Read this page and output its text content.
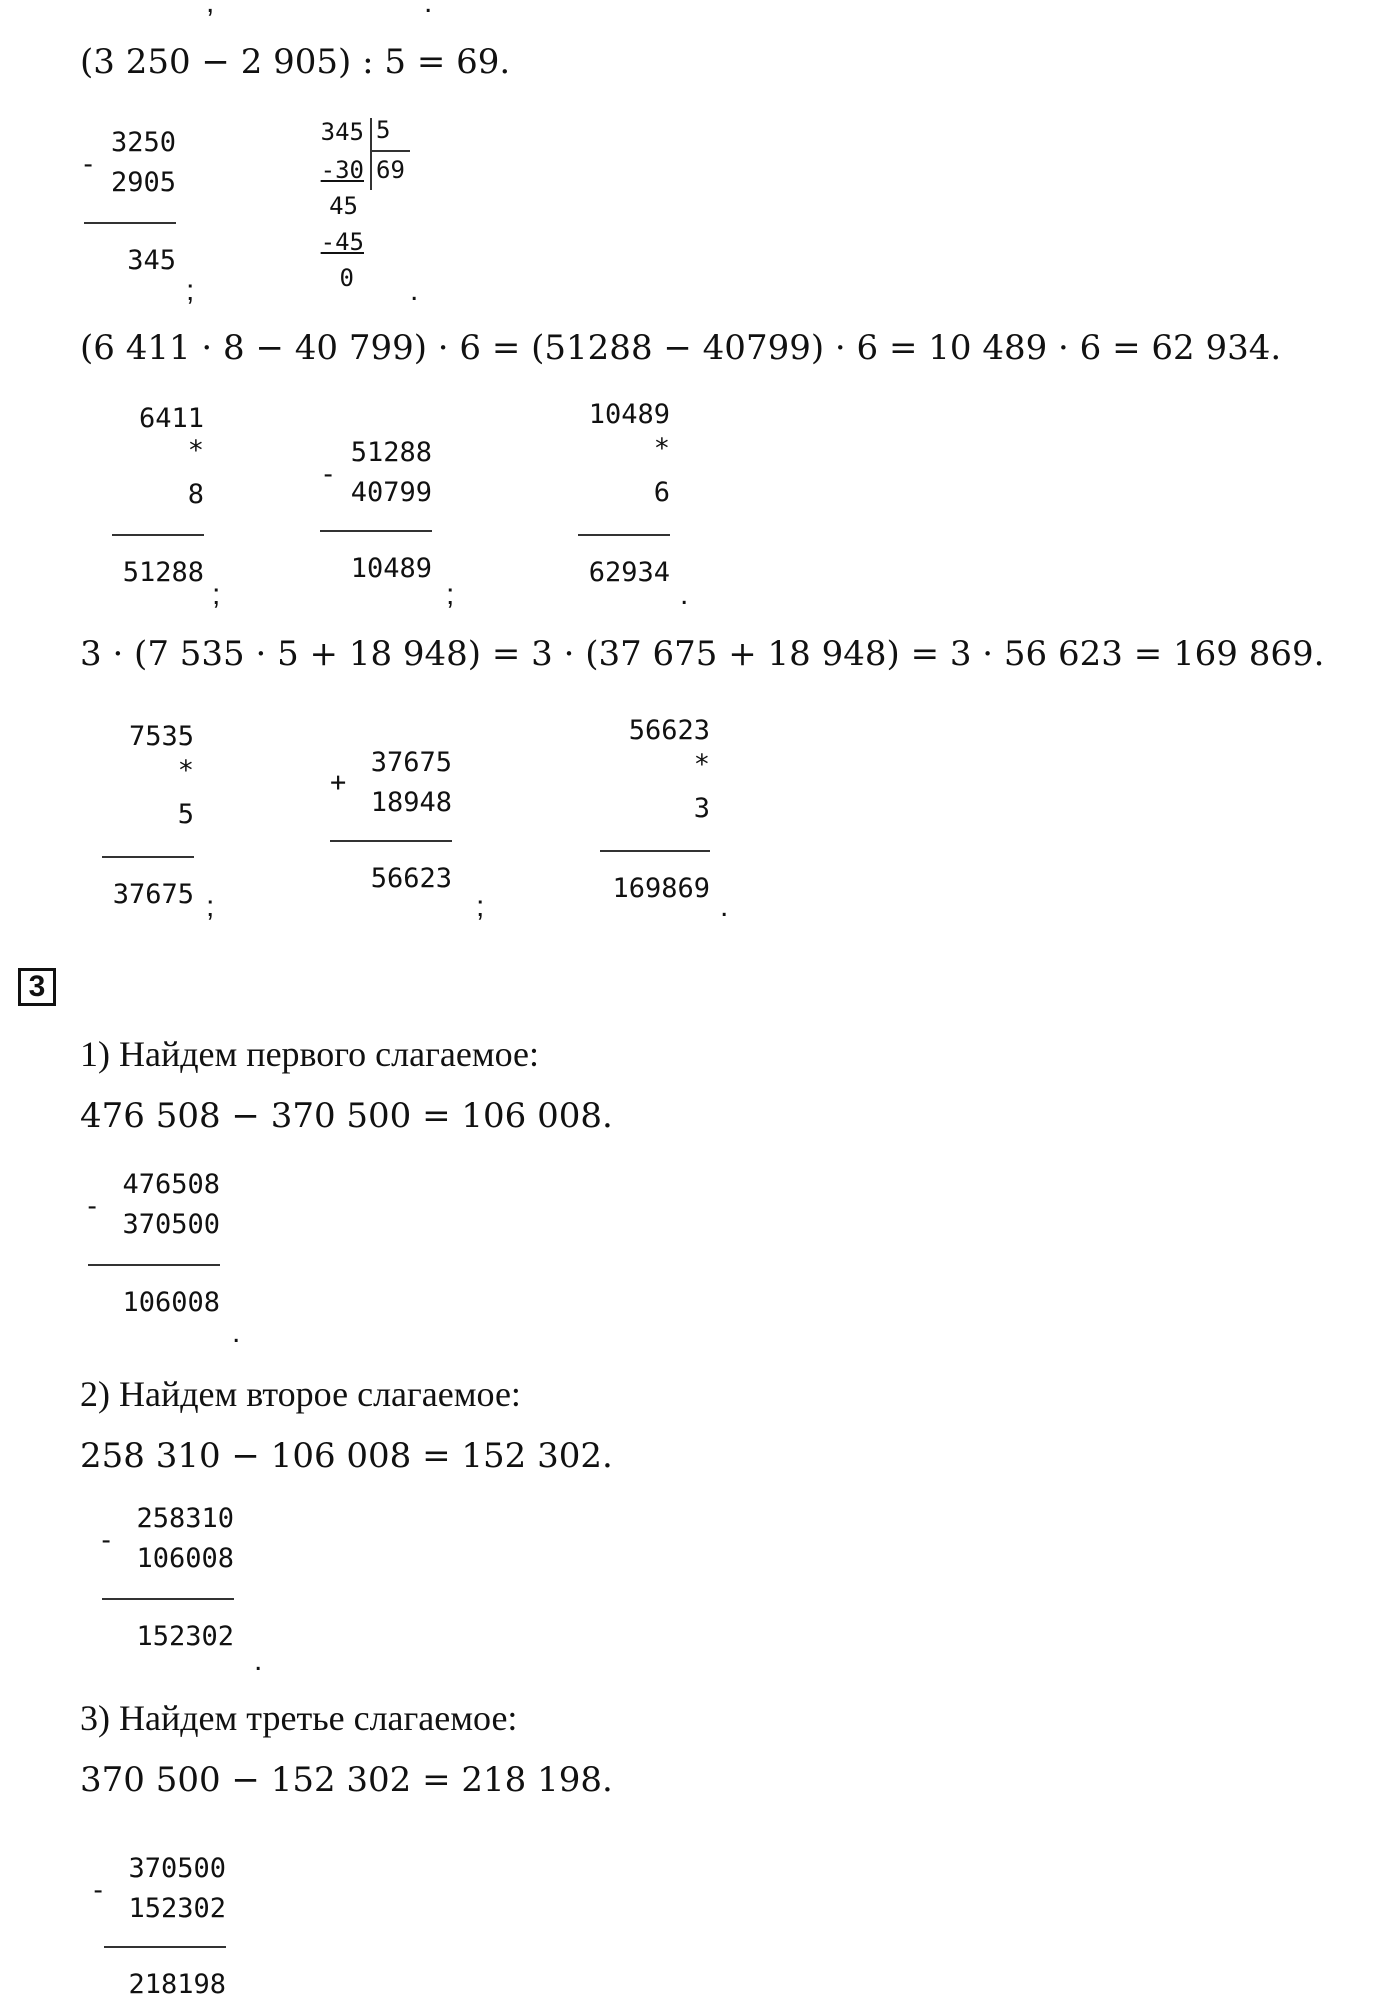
,	.
(3 250 − 2 905) : 5 = 69.
3250
-
2905
345
;
345
-30
45
-45
0
5
69
.
(6 411 · 8 − 40 799) · 6 = (51288 − 40799) · 6 = 10 489 · 6 = 62 934.
6411
*
8
51288
;
51288
-
40799
10489
;
10489
*
6
62934
.
3 · (7 535 · 5 + 18 948) = 3 · (37 675 + 18 948) = 3 · 56 623 = 169 869.
7535
*
5
37675 ;
37675
+
18948
56623
;
56623
*
3
169869
.
3
1) Найдем первого слагаемое:
476 508 − 370 500 = 106 008.
476508
-
370500
106008
.
2) Найдем второе слагаемое:
258 310 − 106 008 = 152 302.
258310
-
106008
152302
.
3) Найдем третье слагаемое:
370 500 − 152 302 = 218 198.
370500
-
152302
218198
